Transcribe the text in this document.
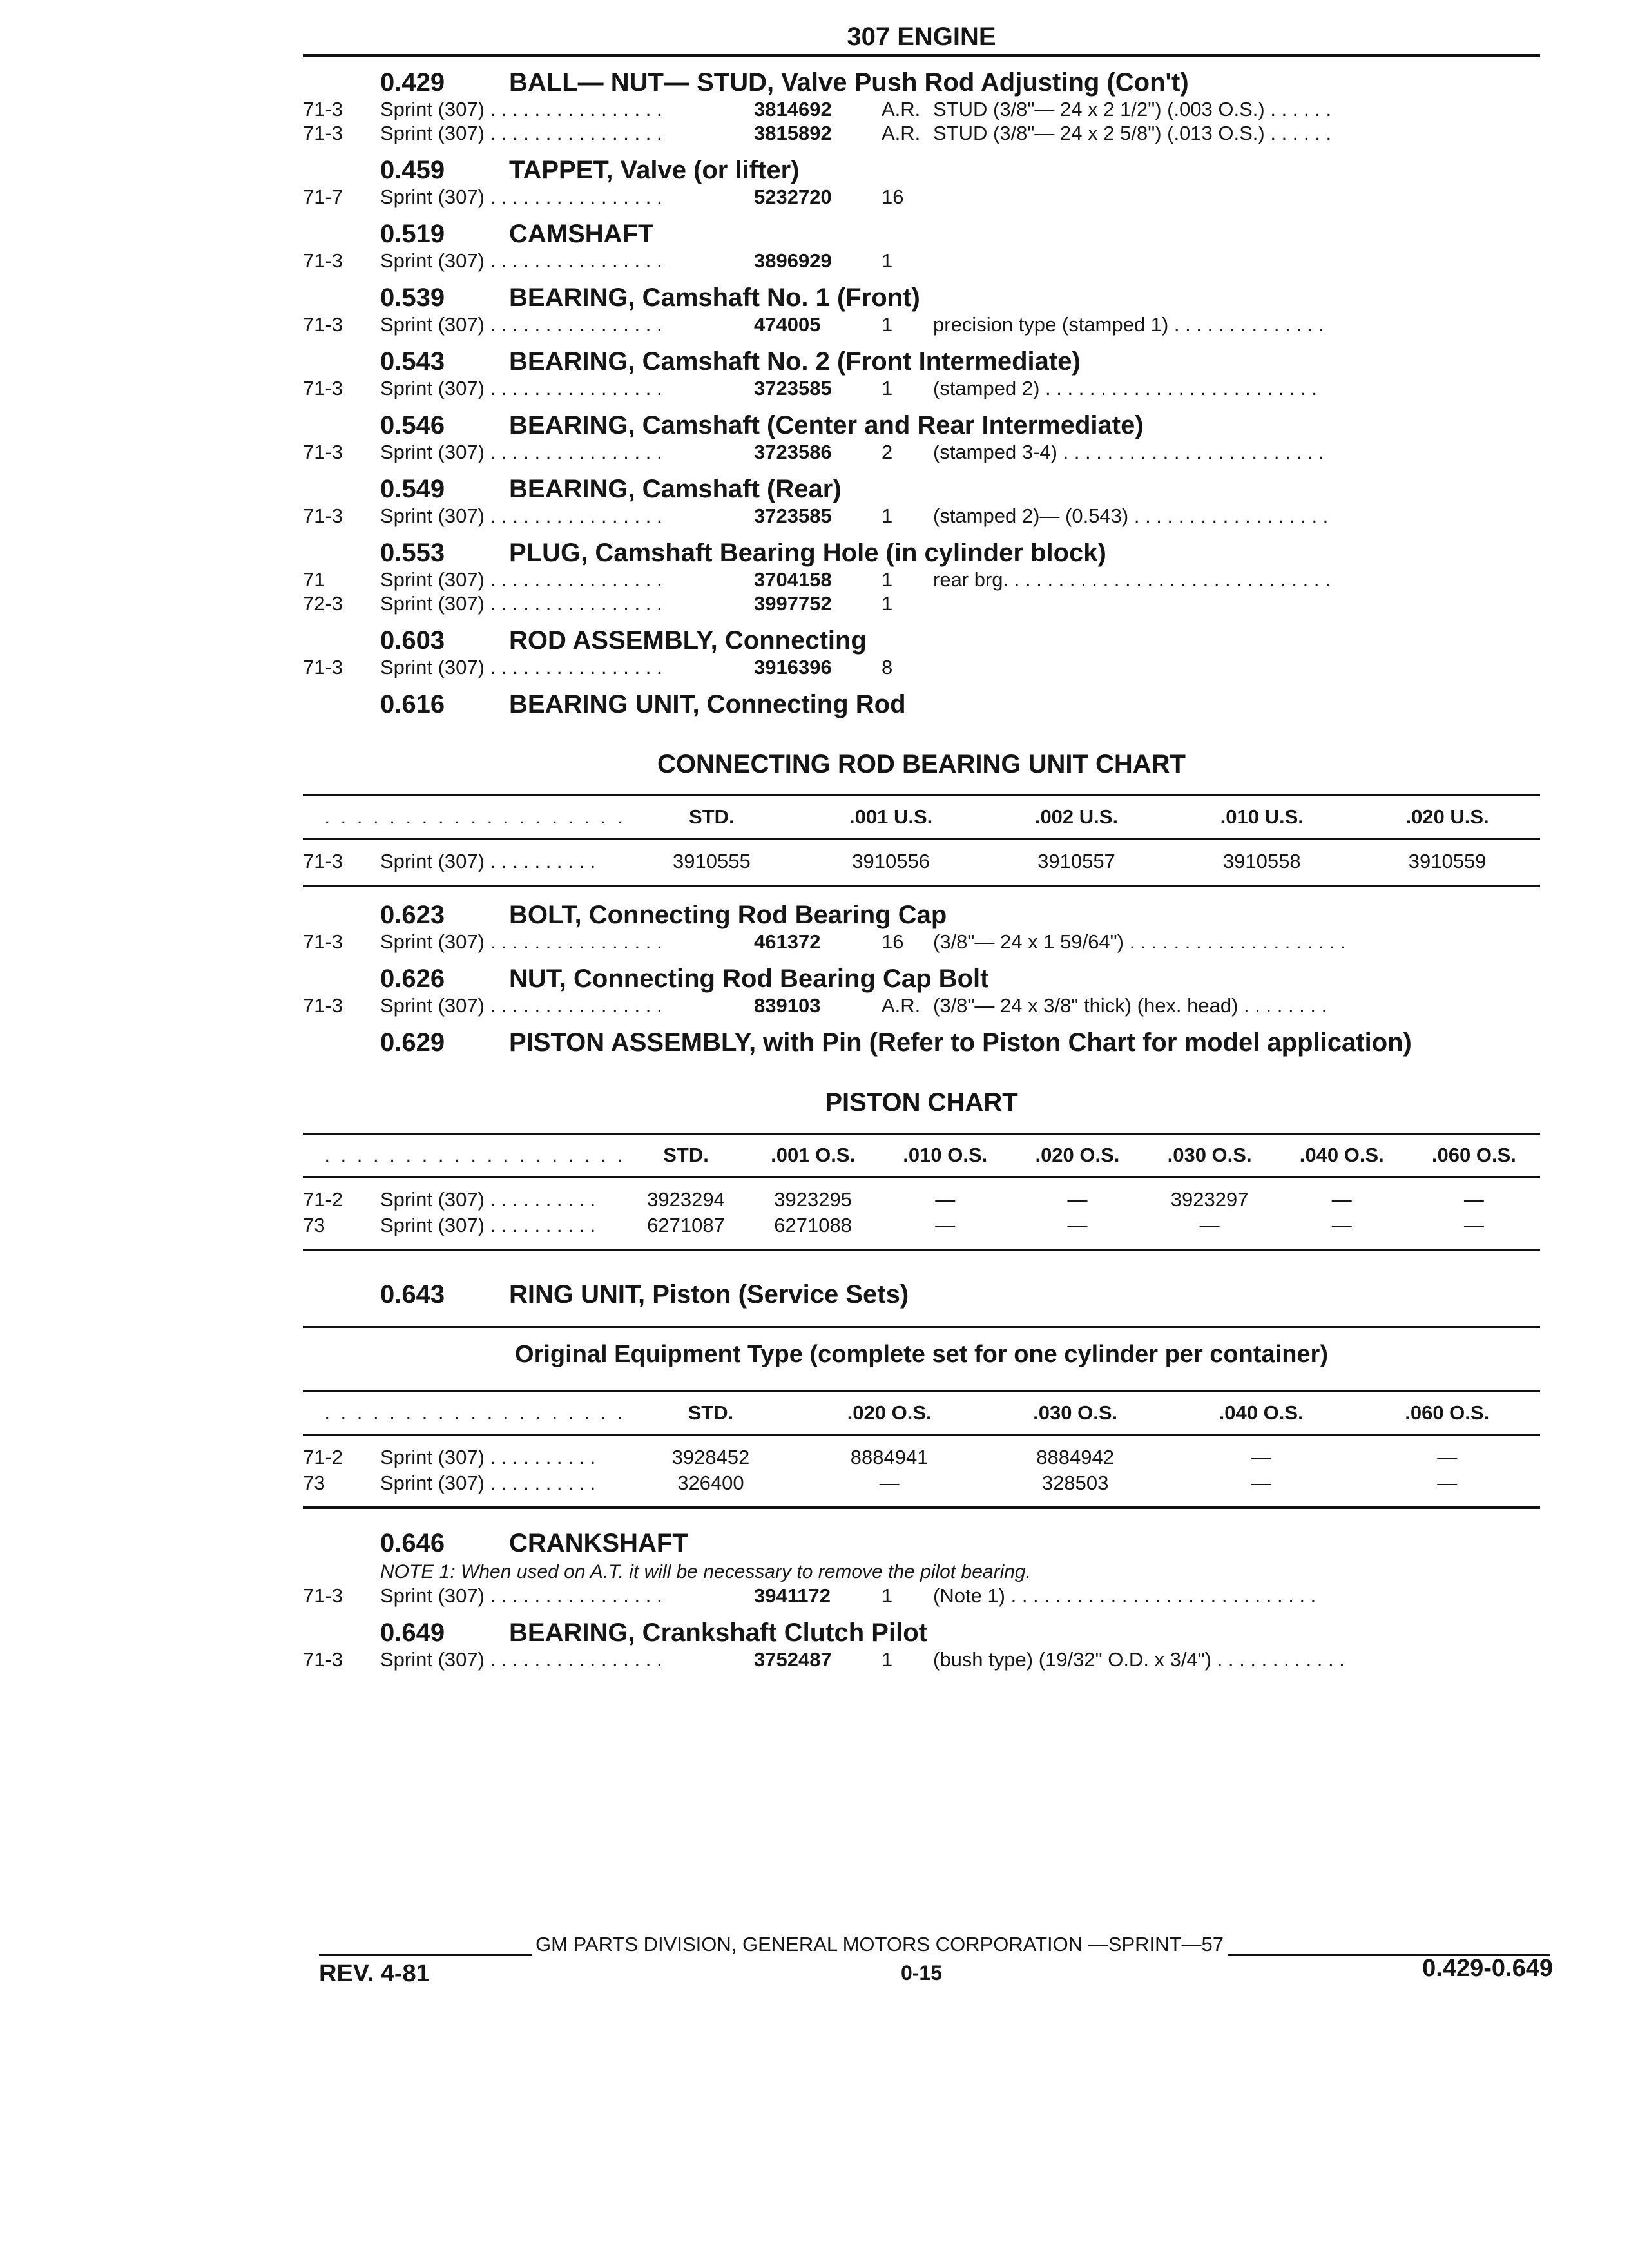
307 ENGINE
0.429	BALL— NUT— STUD, Valve Push Rod Adjusting (Con't)
71-3	Sprint (307) . . . . . . . . . . . . . . . .	3814692	A.R. STUD (3/8"— 24 x 2 1/2") (.003 O.S.) . . . . . .
71-3	Sprint (307) . . . . . . . . . . . . . . . .	3815892	A.R. STUD (3/8"— 24 x 2 5/8") (.013 O.S.) . . . . . .
0.459	TAPPET, Valve (or lifter)
71-7	Sprint (307) . . . . . . . . . . . . . . . .	5232720	16
0.519	CAMSHAFT
71-3	Sprint (307) . . . . . . . . . . . . . . . .	3896929	1
0.539	BEARING, Camshaft No. 1 (Front)
71-3	Sprint (307) . . . . . . . . . . . . . . . .	474005	1	precision type (stamped 1) . . . . . . . . . . . . . .
0.543	BEARING, Camshaft No. 2 (Front Intermediate)
71-3	Sprint (307) . . . . . . . . . . . . . . . .	3723585	1	(stamped 2) . . . . . . . . . . . . . . . . . . . . . . . . .
0.546	BEARING, Camshaft (Center and Rear Intermediate)
71-3	Sprint (307) . . . . . . . . . . . . . . . .	3723586	2	(stamped 3-4) . . . . . . . . . . . . . . . . . . . . . . . .
0.549	BEARING, Camshaft (Rear)
71-3	Sprint (307) . . . . . . . . . . . . . . . .	3723585	1	(stamped 2)— (0.543) . . . . . . . . . . . . . . . . . .
0.553	PLUG, Camshaft Bearing Hole (in cylinder block)
71	Sprint (307) . . . . . . . . . . . . . . . .	3704158	1	rear brg. . . . . . . . . . . . . . . . . . . . . . . . . . . . . .
72-3	Sprint (307) . . . . . . . . . . . . . . . .	3997752	1
0.603	ROD ASSEMBLY, Connecting
71-3	Sprint (307) . . . . . . . . . . . . . . . .	3916396	8
0.616	BEARING UNIT, Connecting Rod
CONNECTING ROD BEARING UNIT CHART
. . . . . . . . . . . . . . . . . . .		STD.	.001 U.S.	.002 U.S.	.010 U.S.	.020 U.S.
71-3	Sprint (307) . . . . . . . . . .	3910555	3910556	3910557	3910558	3910559

0.623	BOLT, Connecting Rod Bearing Cap
71-3	Sprint (307) . . . . . . . . . . . . . . . .	461372	16	(3/8"— 24 x 1 59/64") . . . . . . . . . . . . . . . . . . . .
0.626	NUT, Connecting Rod Bearing Cap Bolt
71-3	Sprint (307) . . . . . . . . . . . . . . . .	839103	A.R. (3/8"— 24 x 3/8" thick) (hex. head) . . . . . . . .
0.629	PISTON ASSEMBLY, with Pin (Refer to Piston Chart for model application)
PISTON CHART
. . . . . . . . . . . . . . . . . . .		STD.	.001 O.S.	.010 O.S.	.020 O.S.	.030 O.S.	.040 O.S.	.060 O.S.
71-2	Sprint (307) . . . . . . . . . .	3923294	3923295	—	—	3923297	—	—
73	Sprint (307) . . . . . . . . . .	6271087	6271088	—	—	—	—	—

0.643	RING UNIT, Piston (Service Sets)
Original Equipment Type (complete set for one cylinder per container)
. . . . . . . . . . . . . . . . . . .		STD.	.020 O.S.	.030 O.S.	.040 O.S.	.060 O.S.
71-2	Sprint (307) . . . . . . . . . .	3928452	8884941	8884942	—	—
73	Sprint (307) . . . . . . . . . .	326400	—	328503	—	—

0.646	CRANKSHAFT
NOTE 1: When used on A.T. it will be necessary to remove the pilot bearing.
71-3	Sprint (307) . . . . . . . . . . . . . . . .	3941172	1	(Note 1) . . . . . . . . . . . . . . . . . . . . . . . . . . . .
0.649	BEARING, Crankshaft Clutch Pilot
71-3	Sprint (307) . . . . . . . . . . . . . . . .	3752487	1	(bush type) (19/32" O.D. x 3/4") . . . . . . . . . . . .
GM PARTS DIVISION, GENERAL MOTORS CORPORATION —SPRINT—57
REV. 4-81	0-15	0.429-0.649
